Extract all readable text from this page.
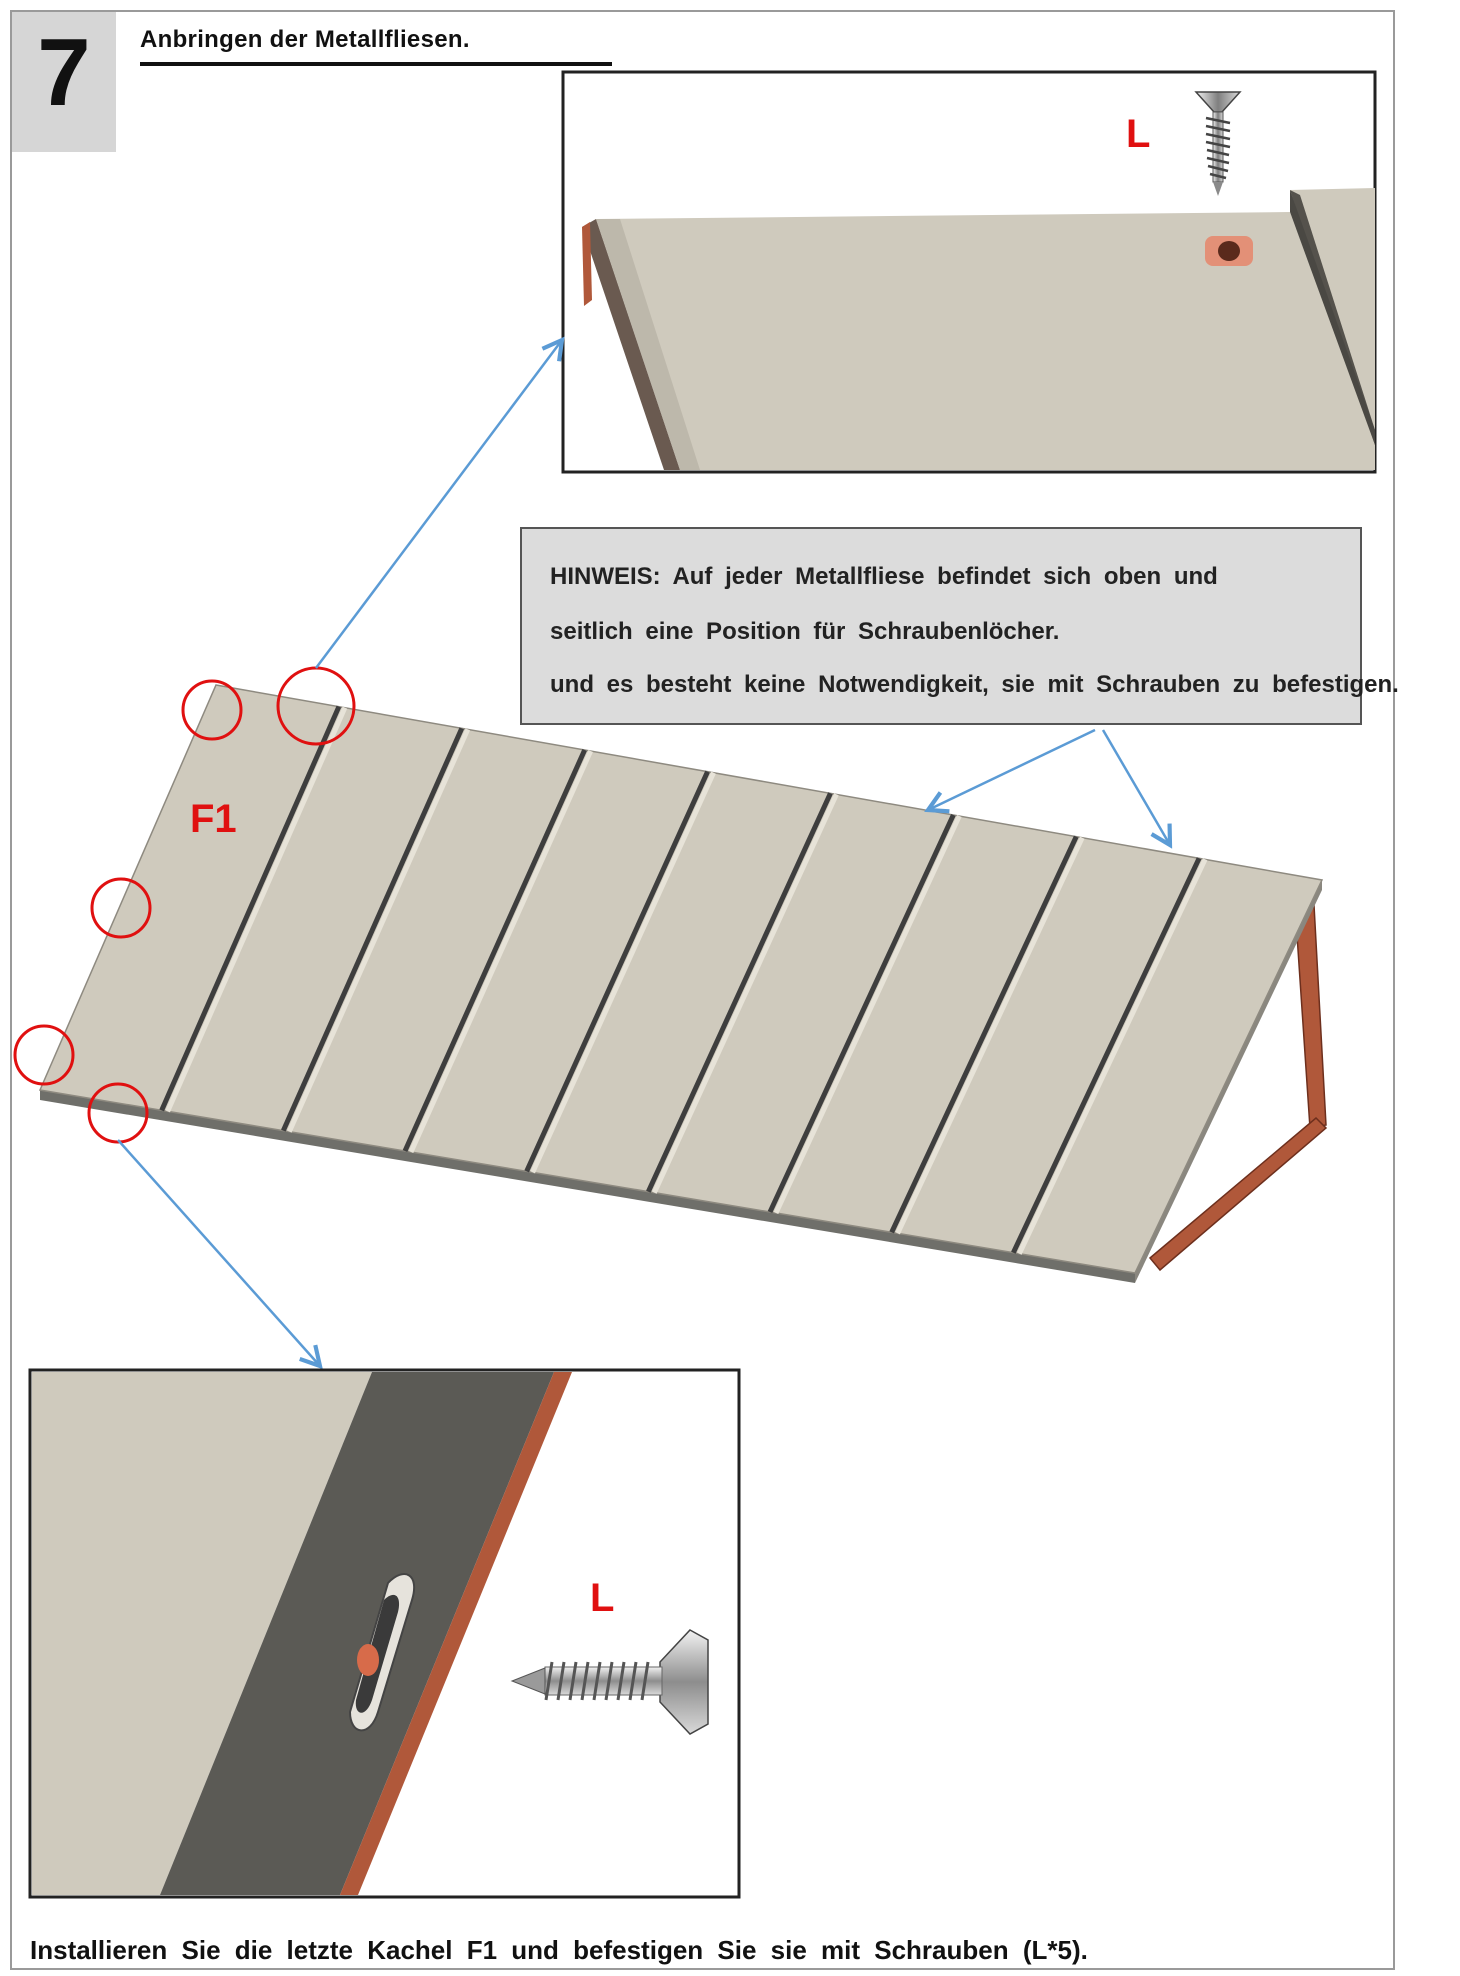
7	Anbringen der Metallfliesen.
L
F1
L
HINWEIS: Auf jeder Metallfliese befindet sich oben und
seitlich eine Position für Schraubenlöcher.
und es besteht keine Notwendigkeit, sie mit Schrauben zu befestigen.
Installieren Sie die letzte Kachel F1 und befestigen Sie sie mit Schrauben (L*5).
